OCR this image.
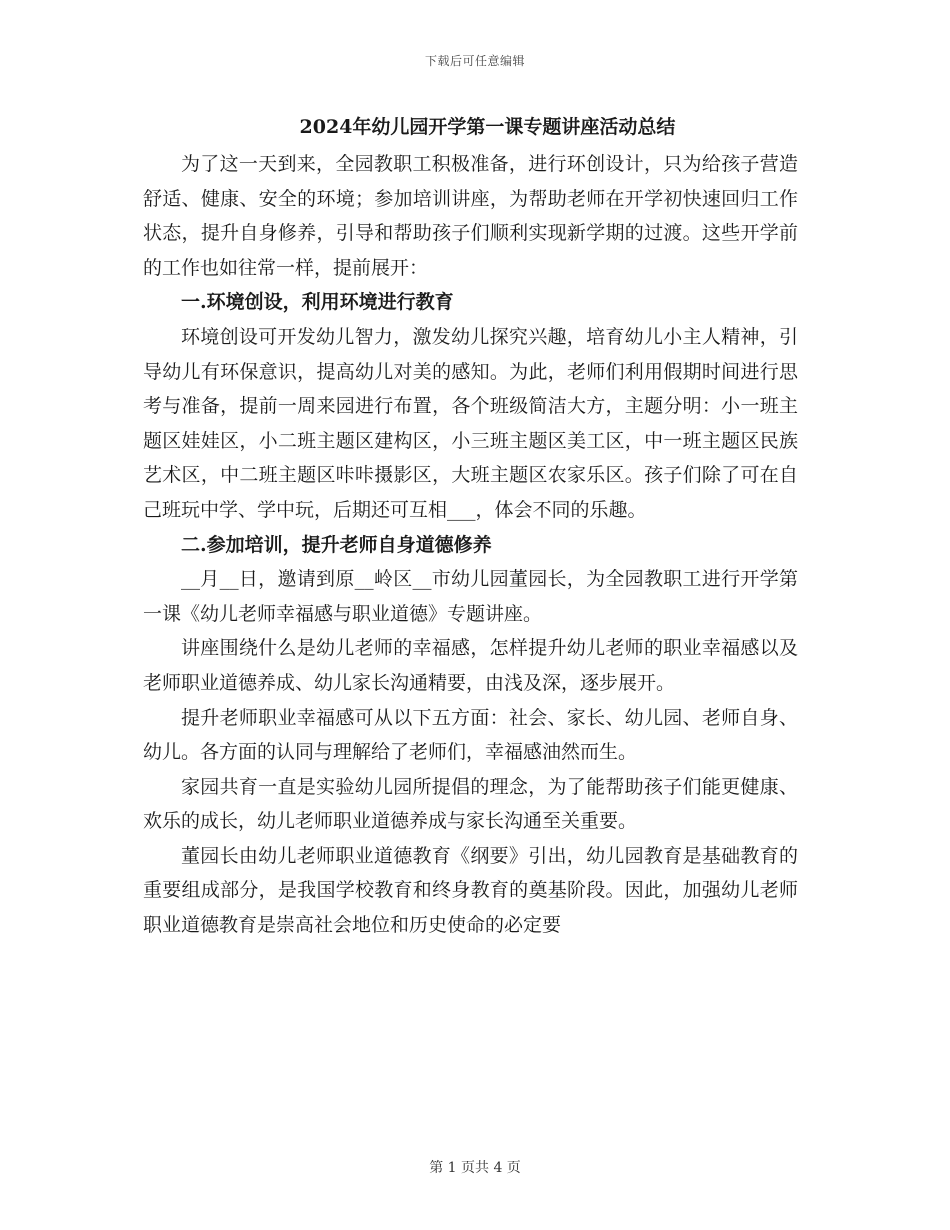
下载后可任意编辑
2024年幼儿园开学第一课专题讲座活动总结

为了这一天到来，全园教职工积极准备，进行环创设计，只为给孩子营造舒适、健康、安全的环境；参加培训讲座，为帮助老师在开学初快速回归工作状态，提升自身修养，引导和帮助孩子们顺利实现新学期的过渡。这些开学前的工作也如往常一样，提前展开：

一.环境创设，利用环境进行教育

环境创设可开发幼儿智力，激发幼儿探究兴趣，培育幼儿小主人精神，引导幼儿有环保意识，提高幼儿对美的感知。为此，老师们利用假期时间进行思考与准备，提前一周来园进行布置，各个班级简洁大方，主题分明：小一班主题区娃娃区，小二班主题区建构区，小三班主题区美工区，中一班主题区民族艺术区，中二班主题区咔咔摄影区，大班主题区农家乐区。孩子们除了可在自己班玩中学、学中玩，后期还可互相___，体会不同的乐趣。

二.参加培训，提升老师自身道德修养

__月__日，邀请到原__岭区__市幼儿园董园长，为全园教职工进行开学第一课《幼儿老师幸福感与职业道德》专题讲座。

讲座围绕什么是幼儿老师的幸福感，怎样提升幼儿老师的职业幸福感以及老师职业道德养成、幼儿家长沟通精要，由浅及深，逐步展开。

提升老师职业幸福感可从以下五方面：社会、家长、幼儿园、老师自身、幼儿。各方面的认同与理解给了老师们，幸福感油然而生。

家园共育一直是实验幼儿园所提倡的理念，为了能帮助孩子们能更健康、欢乐的成长，幼儿老师职业道德养成与家长沟通至关重要。

董园长由幼儿老师职业道德教育《纲要》引出，幼儿园教育是基础教育的重要组成部分，是我国学校教育和终身教育的奠基阶段。因此，加强幼儿老师职业道德教育是崇高社会地位和历史使命的必定要

第 1 页共 4 页
